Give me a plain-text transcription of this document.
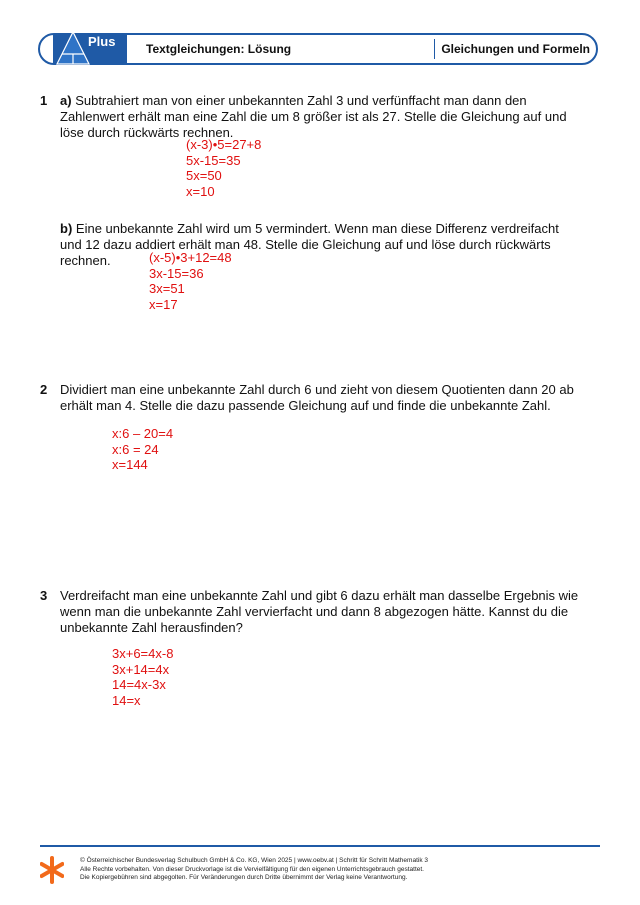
Plus	Textgleichungen: Lösung	Gleichungen und Formeln
1 a) Subtrahiert man von einer unbekannten Zahl 3 und verfünffacht man dann den Zahlenwert erhält man eine Zahl die um 8 größer ist als 27. Stelle die Gleichung auf und löse durch rückwärts rechnen.
(x-3)•5=27+8
5x-15=35
5x=50
x=10
b) Eine unbekannte Zahl wird um 5 vermindert. Wenn man diese Differenz verdreifacht und 12 dazu addiert erhält man 48. Stelle die Gleichung auf und löse durch rückwärts rechnen.	(x-5)•3+12=48
3x-15=36
3x=51
x=17
2 Dividiert man eine unbekannte Zahl durch 6 und zieht von diesem Quotienten dann 20 ab erhält man 4. Stelle die dazu passende Gleichung auf und finde die unbekannte Zahl.
x:6 – 20=4
x:6 = 24
x=144
3 Verdreifacht man eine unbekannte Zahl und gibt 6 dazu erhält man dasselbe Ergebnis wie wenn man die unbekannte Zahl vervierfacht und dann 8 abgezogen hätte. Kannst du die unbekannte Zahl herausfinden?
3x+6=4x-8
3x+14=4x
14=4x-3x
14=x
© Österreichischer Bundesverlag Schulbuch GmbH & Co. KG, Wien 2025 | www.oebv.at | Schritt für Schritt Mathematik 3
Alle Rechte vorbehalten. Von dieser Druckvorlage ist die Vervielfältigung für den eigenen Unterrichtsgebrauch gestattet.
Die Kopiergebühren sind abgegolten. Für Veränderungen durch Dritte übernimmt der Verlag keine Verantwortung.
